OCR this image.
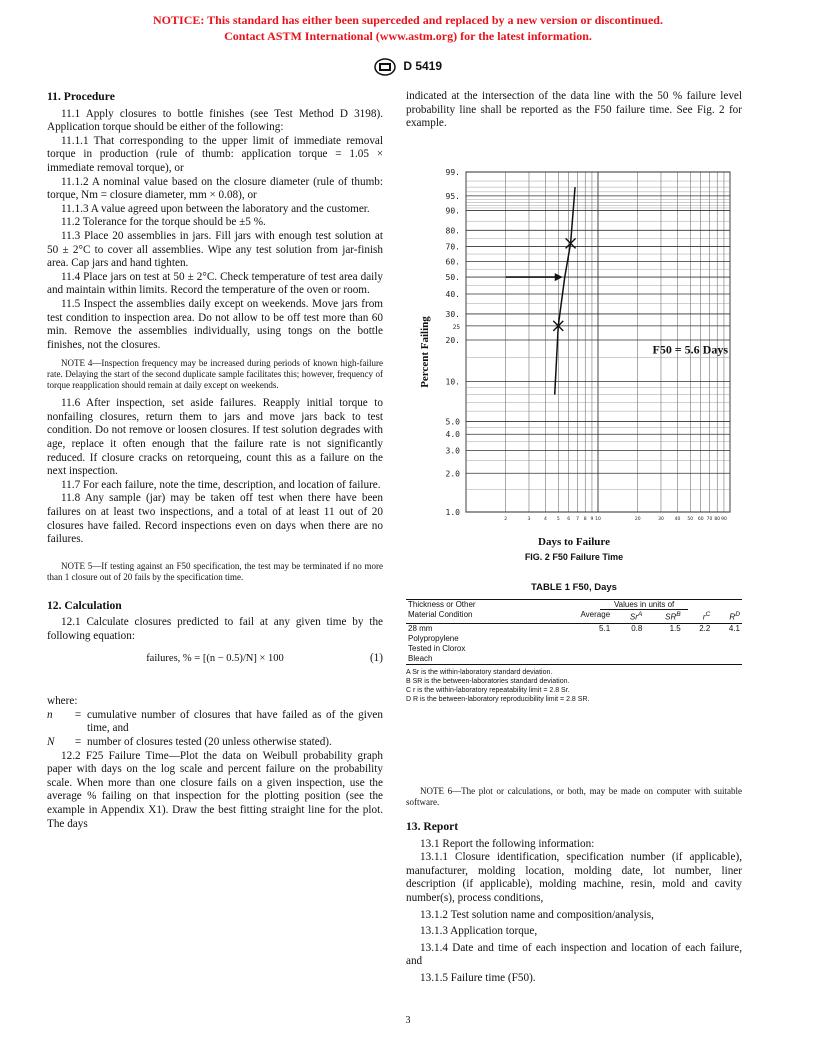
NOTICE: This standard has either been superceded and replaced by a new version or discontinued.
Contact ASTM International (www.astm.org) for the latest information.
D 5419
11. Procedure

11.1 Apply closures to bottle finishes (see Test Method D 3198). Application torque should be either of the following:

11.1.1 That corresponding to the upper limit of immediate removal torque in production (rule of thumb: application torque = 1.05 × immediate removal torque), or

11.1.2 A nominal value based on the closure diameter (rule of thumb: torque, Nm = closure diameter, mm × 0.08), or

11.1.3 A value agreed upon between the laboratory and the customer.

11.2 Tolerance for the torque should be ±5 %.

11.3 Place 20 assemblies in jars. Fill jars with enough test solution at 50 ± 2°C to cover all assemblies. Wipe any test solution from jar-finish area. Cap jars and hand tighten.

11.4 Place jars on test at 50 ± 2°C. Check temperature of test area daily and maintain within limits. Record the temperature of the oven or room.

11.5 Inspect the assemblies daily except on weekends. Move jars from test condition to inspection area. Do not allow to be off test more than 60 min. Remove the assemblies individually, using tongs on the bottle finishes, not the closures.

NOTE 4—Inspection frequency may be increased during periods of known high-failure rate. Delaying the start of the second duplicate sample facilitates this; however, frequency of torque reapplication should remain at daily except on weekends.

11.6 After inspection, set aside failures. Reapply initial torque to nonfailing closures, return them to jars and move jars back to test condition. Do not remove or loosen closures. If test solution degrades with age, replace it often enough that the failure rate is not significantly reduced. If closure cracks on retorqueing, count this as a failure on the next inspection.

11.7 For each failure, note the time, description, and location of failure.

11.8 Any sample (jar) may be taken off test when there have been failures on at least two inspections, and a total of at least 11 out of 20 closures have failed. Record inspections even on days when there are no failures.

NOTE 5—If testing against an F50 specification, the test may be terminated if no more than 1 closure out of 20 fails by the specification time.
12. Calculation

12.1 Calculate closures predicted to fail at any given time by the following equation:

failures, % = [(n − 0.5)/N] × 100	(1)
where:
n	= cumulative number of closures that have failed as of the given time, and
N	= number of closures tested (20 unless otherwise stated).

12.2 F25 Failure Time—Plot the data on Weibull probability graph paper with days on the log scale and percent failure on the probability scale. When more than one closure fails on a given inspection, use the average % failing on that inspection for the plotting position (see the example in Appendix X1). Draw the best fitting straight line for the plot. The days

indicated at the intersection of the data line with the 50 % failure level probability line shall be reported as the F50 failure time. See Fig. 2 for example.

99.
95.
90.
80.
70.
60.
50.
40.
30.
25
20.
10.
5.0
4.0
3.0
2.0
1.0
2	3	4 5 6 7 8 9 10	20	30 40 50 60 70 80 90
Percent Failing	F50 = 5.6 Days
Days to Failure
FIG. 2 F50 Failure Time
TABLE 1 F50, Days
Thickness or Other	Values in units of				
Material Condition	Average	$Sr^A$	$SR^B$	$r^C$	$R^D$
28 mm	5.1	0.8	1.5	2.2	4.1
Polypropylene					
Tested in Clorox					
Bleach					
A Sr is the within-laboratory standard deviation.
B SR is the between-laboratories standard deviation.
C r is the within-laboratory repeatability limit = 2.8 Sr.
D R is the between-laboratory reproducibility limit = 2.8 SR.
NOTE 6—The plot or calculations, or both, may be made on computer with suitable software.
13. Report

13.1 Report the following information:

13.1.1 Closure identification, specification number (if applicable), manufacturer, molding location, molding date, lot number, liner description (if applicable), molding machine, resin, mold and cavity number(s), process conditions,

13.1.2 Test solution name and composition/analysis,

13.1.3 Application torque,

13.1.4 Date and time of each inspection and location of each failure, and

13.1.5 Failure time (F50).

3
